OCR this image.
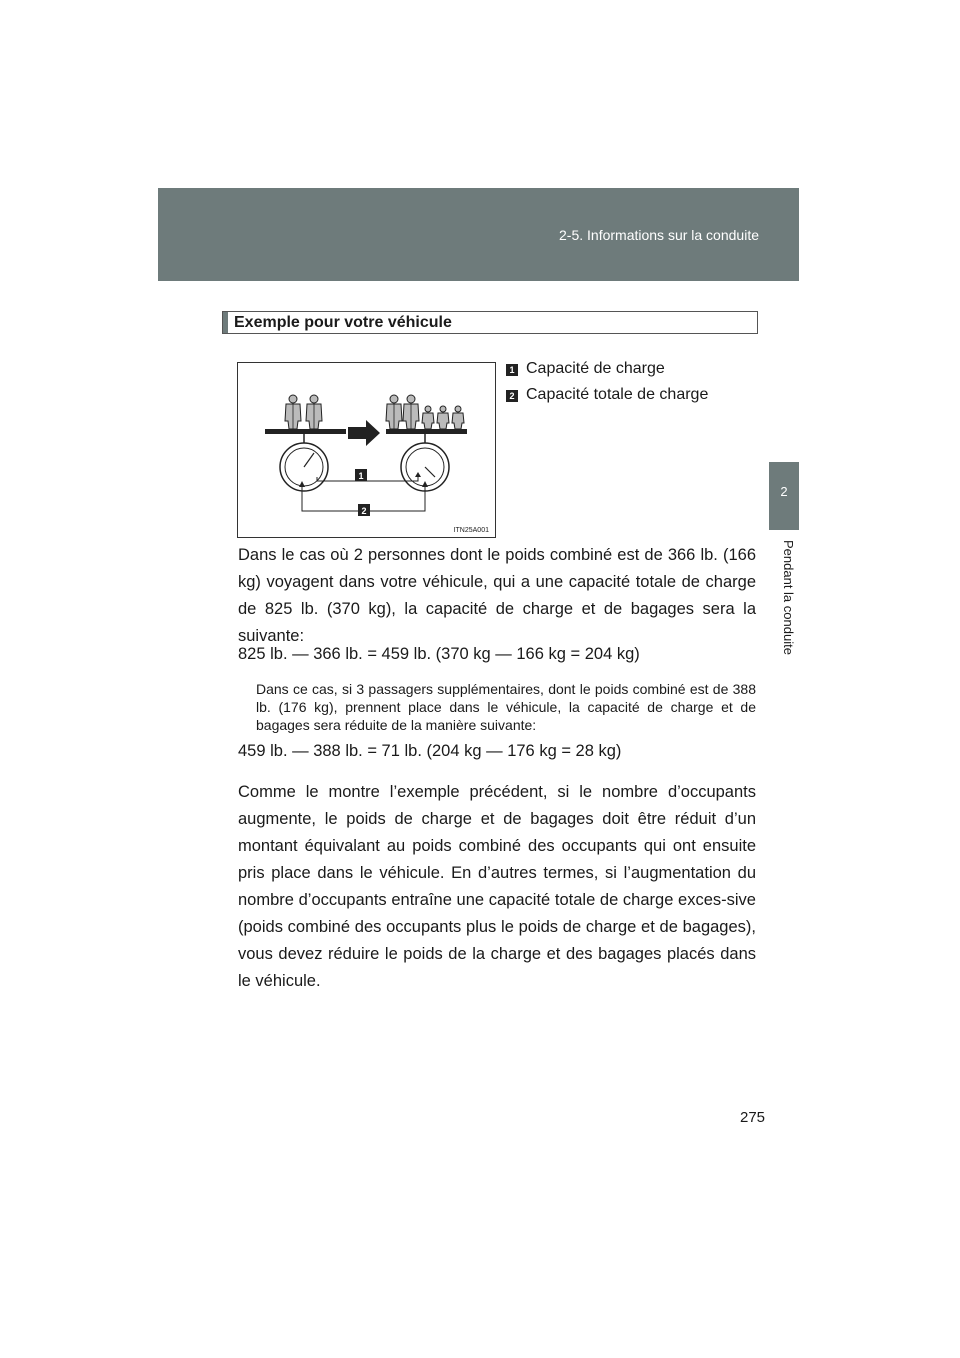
2-5. Informations sur la conduite
2
Pendant la conduite
Exemple pour votre véhicule
1
2
ITN25A001
1 Capacité de charge
2 Capacité totale de charge

Dans le cas où 2 personnes dont le poids combiné est de 366 lb. (166 kg) voyagent dans votre véhicule, qui a une capacité totale de charge de 825 lb. (370 kg), la capacité de charge et de bagages sera la suivante:

825 lb. — 366 lb. = 459 lb. (370 kg — 166 kg = 204 kg)

Dans ce cas, si 3 passagers supplémentaires, dont le poids combiné est de 388 lb. (176 kg), prennent place dans le véhicule, la capacité de charge et de bagages sera réduite de la manière suivante:

459 lb. — 388 lb. = 71 lb. (204 kg — 176 kg = 28 kg)

Comme le montre l’exemple précédent, si le nombre d’occupants augmente, le poids de charge et de bagages doit être réduit d’un montant équivalant au poids combiné des occupants qui ont ensuite pris place dans le véhicule. En d’autres termes, si l’augmentation du nombre d’occupants entraîne une capacité totale de charge exces-sive (poids combiné des occupants plus le poids de charge et de bagages), vous devez réduire le poids de la charge et des bagages placés dans le véhicule.

275
